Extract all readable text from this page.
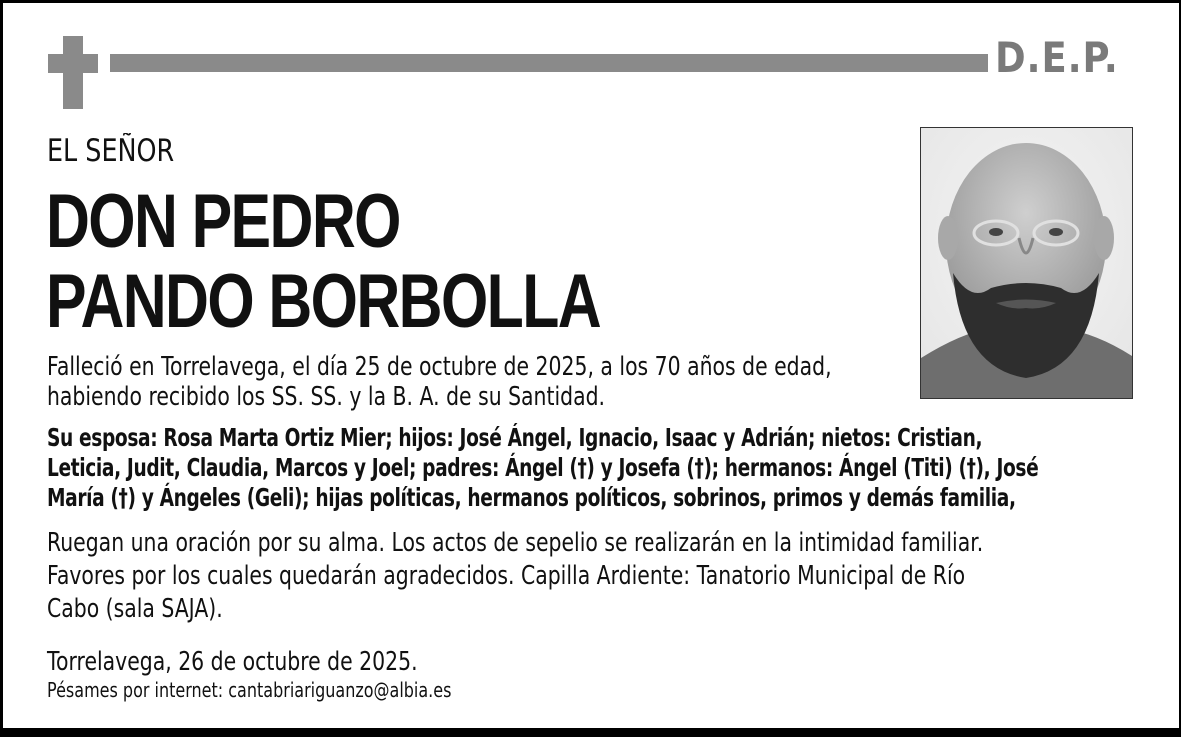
D.E.P.
EL SEÑOR
DON PEDRO
PANDO BORBOLLA
Falleció en Torrelavega, el día 25 de octubre de 2025, a los 70 años de edad,
habiendo recibido los SS. SS. y la B. A. de su Santidad.
Su esposa: Rosa Marta Ortiz Mier; hijos: José Ángel, Ignacio, Isaac y Adrián; nietos: Cristian,
Leticia, Judit, Claudia, Marcos y Joel; padres: Ángel (†) y Josefa (†); hermanos: Ángel (Titi) (†), José
María (†) y Ángeles (Geli); hijas políticas, hermanos políticos, sobrinos, primos y demás familia,
Ruegan una oración por su alma. Los actos de sepelio se realizarán en la intimidad familiar.
Favores por los cuales quedarán agradecidos. Capilla Ardiente: Tanatorio Municipal de Río
Cabo (sala SAJA).
Torrelavega, 26 de octubre de 2025.
Pésames por internet: cantabriariguanzo@albia.es
